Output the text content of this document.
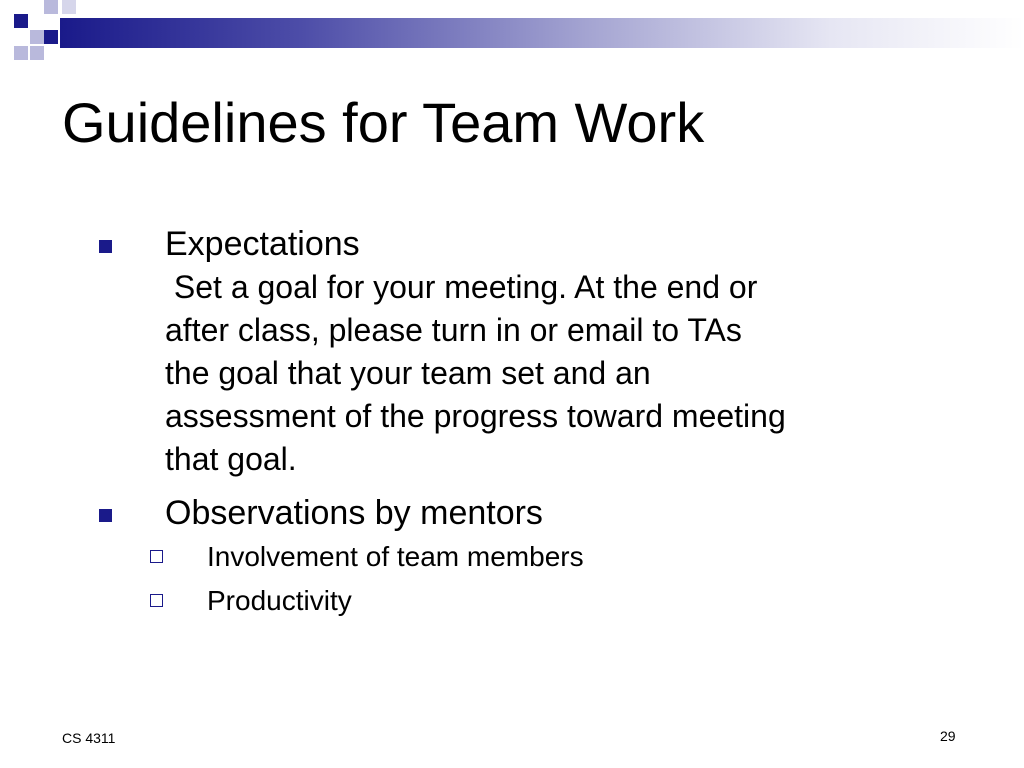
Guidelines for Team Work
Expectations
Set a goal for your meeting. At the end or
after class, please turn in or email to TAs
the goal that your team set and an
assessment of the progress toward meeting
that goal.
Observations by mentors
Involvement of team members
Productivity
CS 4311	29
